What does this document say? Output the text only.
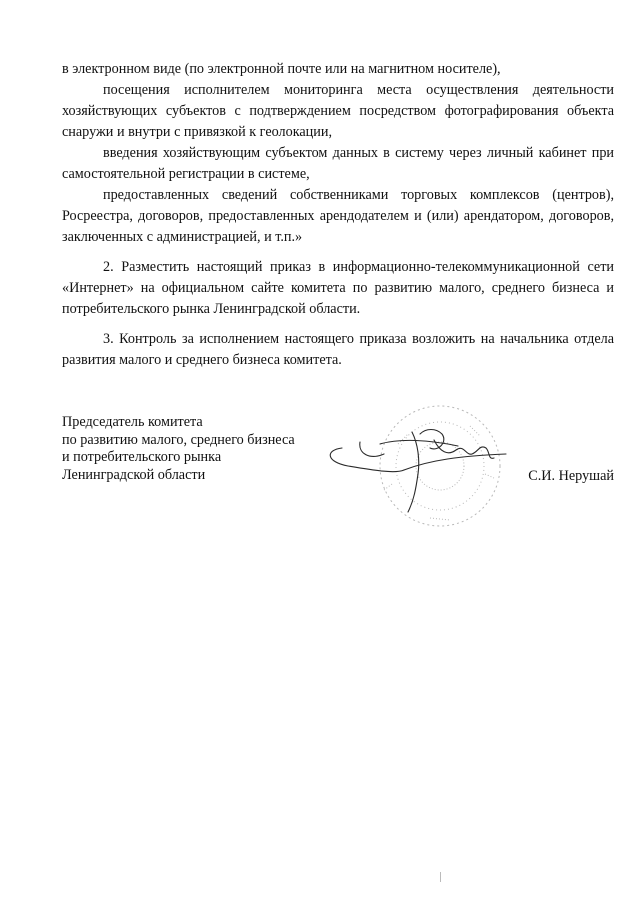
в электронном виде (по электронной почте или на магнитном носителе),

посещения исполнителем мониторинга места осуществления деятельности хозяйствующих субъектов с подтверждением посредством фотографирования объекта снаружи и внутри с привязкой к геолокации,

введения хозяйствующим субъектом данных в систему через личный кабинет при самостоятельной регистрации в системе,

предоставленных сведений собственниками торговых комплексов (центров), Росреестра, договоров, предоставленных арендодателем и (или) арендатором, договоров, заключенных с администрацией, и т.п.»

2. Разместить настоящий приказ в информационно-телекоммуникационной сети «Интернет» на официальном сайте комитета по развитию малого, среднего бизнеса и потребительского рынка Ленинградской области.

3. Контроль за исполнением настоящего приказа возложить на начальника отдела развития малого и среднего бизнеса комитета.

Председатель комитета

по развитию малого, среднего бизнеса

и потребительского рынка

Ленинградской области	С.И. Нерушай
